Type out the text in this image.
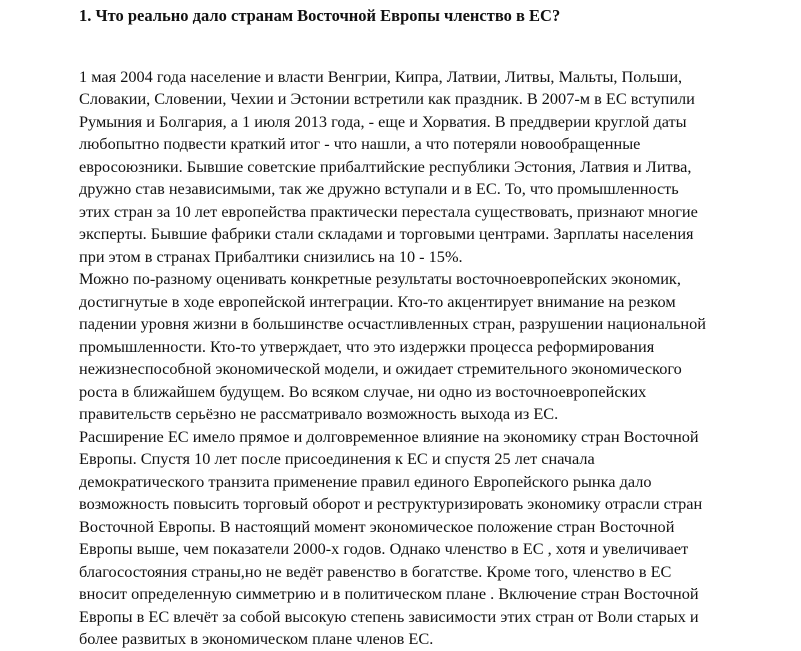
1. Что реально дало странам Восточной Европы членство в ЕС?
1 мая 2004 года население и власти Венгрии, Кипра, Латвии, Литвы, Мальты, Польши,
Словакии, Словении, Чехии и Эстонии встретили как праздник. В 2007-м в ЕС вступили
Румыния и Болгария, а 1 июля 2013 года, - еще и Хорватия. В преддверии круглой даты
любопытно подвести краткий итог - что нашли, а что потеряли новообращенные
евросоюзники. Бывшие советские прибалтийские республики Эстония, Латвия и Литва,
дружно став независимыми, так же дружно вступали и в ЕС. То, что промышленность
этих стран за 10 лет европейства практически перестала существовать, признают многие
эксперты. Бывшие фабрики стали складами и торговыми центрами. Зарплаты населения
при этом в странах Прибалтики снизились на 10 - 15%.
Можно по-разному оценивать конкретные результаты восточноевропейских экономик,
достигнутые в ходе европейской интеграции. Кто-то акцентирует внимание на резком
падении уровня жизни в большинстве осчастливленных стран, разрушении национальной
промышленности. Кто-то утверждает, что это издержки процесса реформирования
нежизнеспособной экономической модели, и ожидает стремительного экономического
роста в ближайшем будущем. Во всяком случае, ни одно из восточноевропейских
правительств серьёзно не рассматривало возможность выхода из ЕС.
Расширение ЕС имело прямое и долговременное влияние на экономику стран Восточной
Европы. Спустя 10 лет после присоединения к ЕС и спустя 25 лет сначала
демократического транзита применение правил единого Европейского рынка дало
возможность повысить торговый оборот и реструктуризировать экономику отрасли стран
Восточной Европы. В настоящий момент экономическое положение стран Восточной
Европы выше, чем показатели 2000-х годов. Однако членство в ЕС , хотя и увеличивает
благосостояния страны,но не ведёт равенство в богатстве. Кроме того, членство в ЕС
вносит определенную симметрию и в политическом плане . Включение стран Восточной
Европы в ЕС влечёт за собой высокую степень зависимости этих стран от Воли старых и
более развитых в экономическом плане членов ЕС.
